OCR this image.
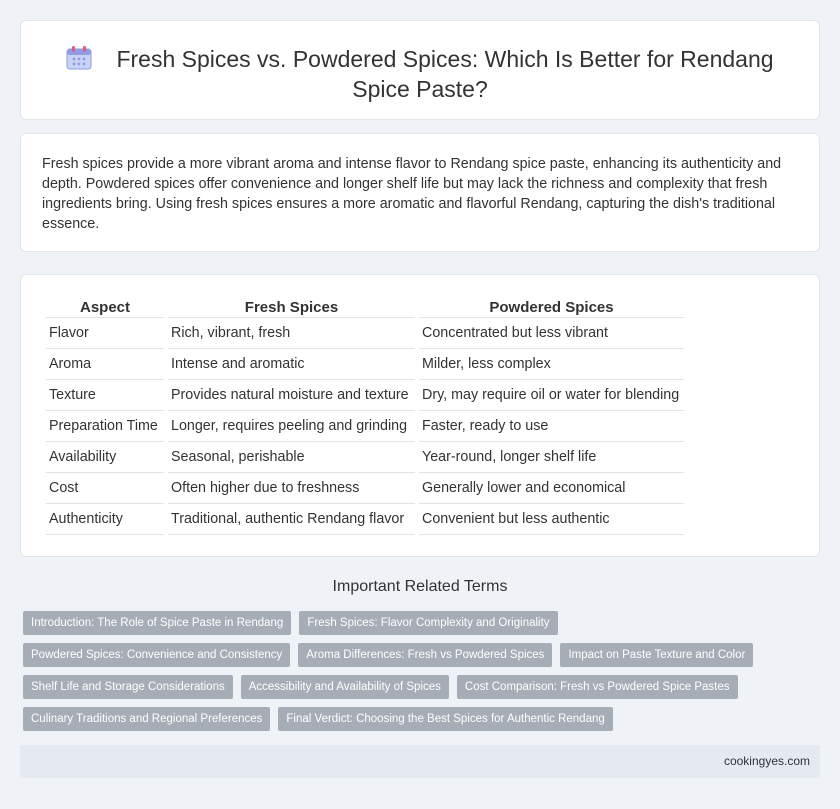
Fresh Spices vs. Powdered Spices: Which Is Better for Rendang Spice Paste?

Fresh spices provide a more vibrant aroma and intense flavor to Rendang spice paste, enhancing its authenticity and depth. Powdered spices offer convenience and longer shelf life but may lack the richness and complexity that fresh ingredients bring. Using fresh spices ensures a more aromatic and flavorful Rendang, capturing the dish's traditional essence.

Aspect	Fresh Spices	Powdered Spices
Flavor	Rich, vibrant, fresh	Concentrated but less vibrant
Aroma	Intense and aromatic	Milder, less complex
Texture	Provides natural moisture and texture	Dry, may require oil or water for blending
Preparation Time	Longer, requires peeling and grinding	Faster, ready to use
Availability	Seasonal, perishable	Year-round, longer shelf life
Cost	Often higher due to freshness	Generally lower and economical
Authenticity	Traditional, authentic Rendang flavor	Convenient but less authentic
Important Related Terms
Introduction: The Role of Spice Paste in Rendang	Fresh Spices: Flavor Complexity and Originality
Powdered Spices: Convenience and Consistency	Aroma Differences: Fresh vs Powdered Spices	Impact on Paste Texture and Color
Shelf Life and Storage Considerations	Accessibility and Availability of Spices	Cost Comparison: Fresh vs Powdered Spice Pastes
Culinary Traditions and Regional Preferences	Final Verdict: Choosing the Best Spices for Authentic Rendang
cookingyes.com
